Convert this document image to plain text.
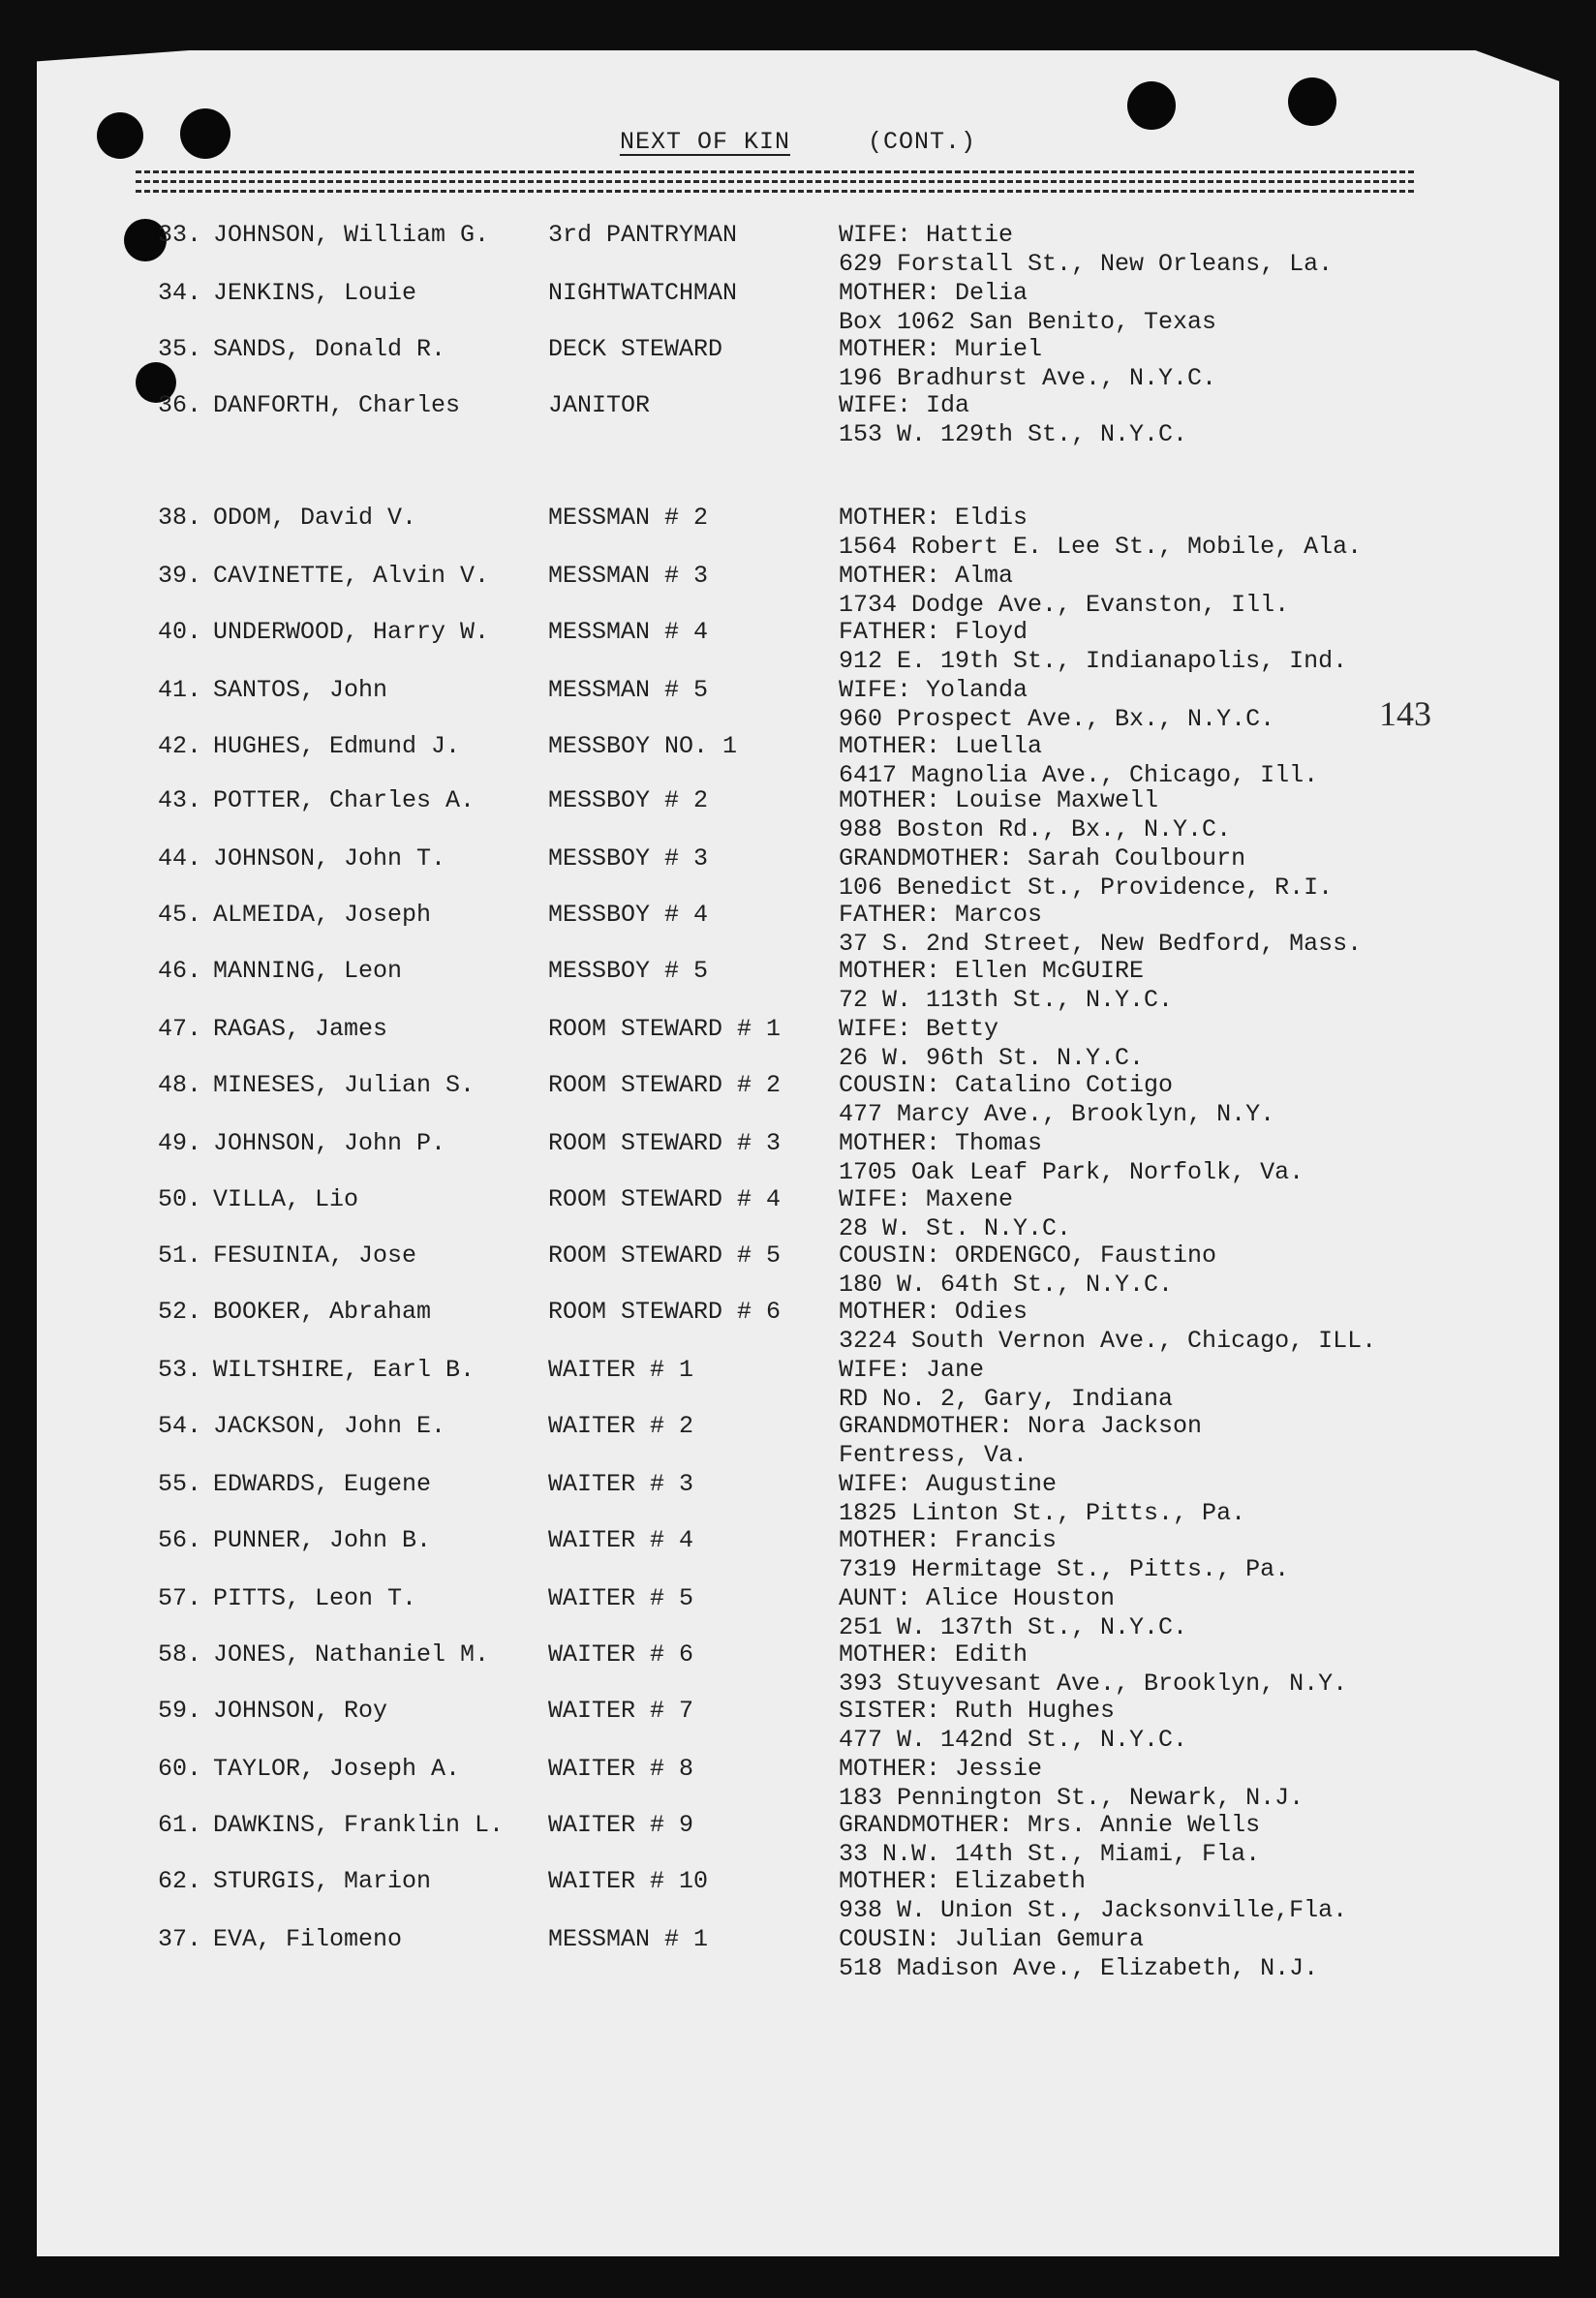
NEXT OF KIN	(CONT.)
143
33. JOHNSON, William G. 3rd PANTRYMAN	WIFE: Hattie
629 Forstall St., New Orleans, La.
34. JENKINS, Louie	NIGHTWATCHMAN	MOTHER: Delia
Box 1062 San Benito, Texas
35. SANDS, Donald R.	DECK STEWARD	MOTHER: Muriel
196 Bradhurst Ave., N.Y.C.
36. DANFORTH, Charles	JANITOR	WIFE: Ida
153 W. 129th St., N.Y.C.
38. ODOM, David V.	MESSMAN # 2	MOTHER: Eldis
1564 Robert E. Lee St., Mobile, Ala.
39. CAVINETTE, Alvin V. MESSMAN # 3	MOTHER: Alma
1734 Dodge Ave., Evanston, Ill.
40. UNDERWOOD, Harry W. MESSMAN # 4	FATHER: Floyd
912 E. 19th St., Indianapolis, Ind.
41. SANTOS, John	MESSMAN # 5	WIFE: Yolanda
960 Prospect Ave., Bx., N.Y.C.
42. HUGHES, Edmund J.	MESSBOY NO. 1	MOTHER: Luella
6417 Magnolia Ave., Chicago, Ill.
43. POTTER, Charles A.	MESSBOY # 2	MOTHER: Louise Maxwell
988 Boston Rd., Bx., N.Y.C.
44. JOHNSON, John T.	MESSBOY # 3	GRANDMOTHER: Sarah Coulbourn
106 Benedict St., Providence, R.I.
45. ALMEIDA, Joseph	MESSBOY # 4	FATHER: Marcos
37 S. 2nd Street, New Bedford, Mass.
46. MANNING, Leon	MESSBOY # 5	MOTHER: Ellen McGUIRE
72 W. 113th St., N.Y.C.
47. RAGAS, James	ROOM STEWARD # 1 WIFE: Betty
26 W. 96th St. N.Y.C.
48. MINESES, Julian S.	ROOM STEWARD # 2 COUSIN: Catalino Cotigo
477 Marcy Ave., Brooklyn, N.Y.
49. JOHNSON, John P.	ROOM STEWARD # 3 MOTHER: Thomas
1705 Oak Leaf Park, Norfolk, Va.
50. VILLA, Lio	ROOM STEWARD # 4 WIFE: Maxene
28 W. St. N.Y.C.
51. FESUINIA, Jose	ROOM STEWARD # 5 COUSIN: ORDENGCO, Faustino
180 W. 64th St., N.Y.C.
52. BOOKER, Abraham	ROOM STEWARD # 6 MOTHER: Odies
3224 South Vernon Ave., Chicago, ILL.
53. WILTSHIRE, Earl B.	WAITER # 1	WIFE: Jane
RD No. 2, Gary, Indiana
54. JACKSON, John E.	WAITER # 2	GRANDMOTHER: Nora Jackson
Fentress, Va.
55. EDWARDS, Eugene	WAITER # 3	WIFE: Augustine
1825 Linton St., Pitts., Pa.
56. PUNNER, John B.	WAITER # 4	MOTHER: Francis
7319 Hermitage St., Pitts., Pa.
57. PITTS, Leon T.	WAITER # 5	AUNT: Alice Houston
251 W. 137th St., N.Y.C.
58. JONES, Nathaniel M. WAITER # 6	MOTHER: Edith
393 Stuyvesant Ave., Brooklyn, N.Y.
59. JOHNSON, Roy	WAITER # 7	SISTER: Ruth Hughes
477 W. 142nd St., N.Y.C.
60. TAYLOR, Joseph A.	WAITER # 8	MOTHER: Jessie
183 Pennington St., Newark, N.J.
61. DAWKINS, Franklin L. WAITER # 9	GRANDMOTHER: Mrs. Annie Wells
33 N.W. 14th St., Miami, Fla.
62. STURGIS, Marion	WAITER # 10	MOTHER: Elizabeth
938 W. Union St., Jacksonville,Fla.
37. EVA, Filomeno	MESSMAN # 1	COUSIN: Julian Gemura
518 Madison Ave., Elizabeth, N.J.
